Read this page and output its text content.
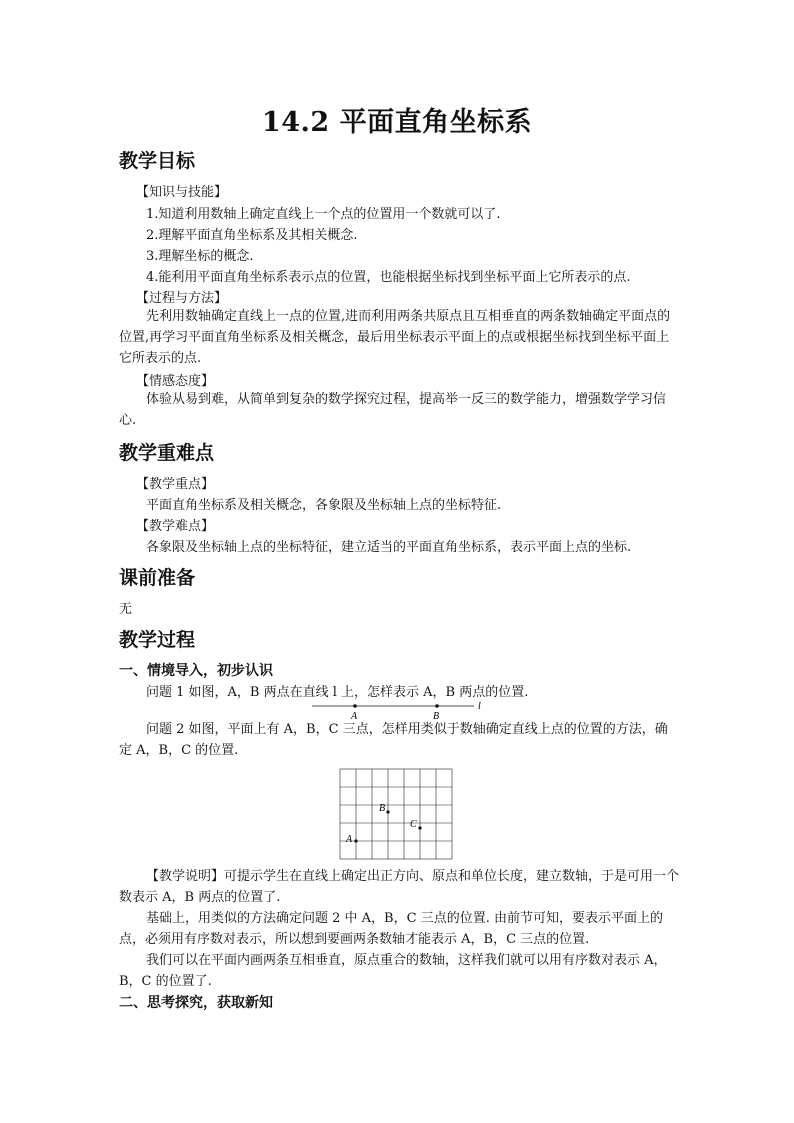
14.2 平面直角坐标系
教学目标
【知识与技能】
1.知道利用数轴上确定直线上一个点的位置用一个数就可以了.
2.理解平面直角坐标系及其相关概念.
3.理解坐标的概念.
4.能利用平面直角坐标系表示点的位置，也能根据坐标找到坐标平面上它所表示的点.
【过程与方法】
先利用数轴确定直线上一点的位置,进而利用两条共原点且互相垂直的两条数轴确定平面点的位置,再学习平面直角坐标系及相关概念，最后用坐标表示平面上的点或根据坐标找到坐标平面上它所表示的点.
【情感态度】
体验从易到难，从简单到复杂的数学探究过程，提高举一反三的数学能力，增强数学学习信心.
教学重难点
【教学重点】
平面直角坐标系及相关概念，各象限及坐标轴上点的坐标特征.
【教学难点】
各象限及坐标轴上点的坐标特征，建立适当的平面直角坐标系，表示平面上点的坐标.
课前准备
无
教学过程
一、情境导入，初步认识
问题 1 如图，A，B 两点在直线 l 上，怎样表示 A，B 两点的位置.
A	B
l
问题 2 如图，平面上有 A，B，C 三点，怎样用类似于数轴确定直线上点的位置的方法，确定 A，B，C 的位置.
A
B
C
【教学说明】可提示学生在直线上确定出正方向、原点和单位长度，建立数轴，于是可用一个数表示 A，B 两点的位置了.
基础上，用类似的方法确定问题 2 中 A，B，C 三点的位置. 由前节可知，要表示平面上的点，必须用有序数对表示，所以想到要画两条数轴才能表示 A，B，C 三点的位置.
我们可以在平面内画两条互相垂直，原点重合的数轴，这样我们就可以用有序数对表示 A，B，C 的位置了.
二、思考探究，获取新知
